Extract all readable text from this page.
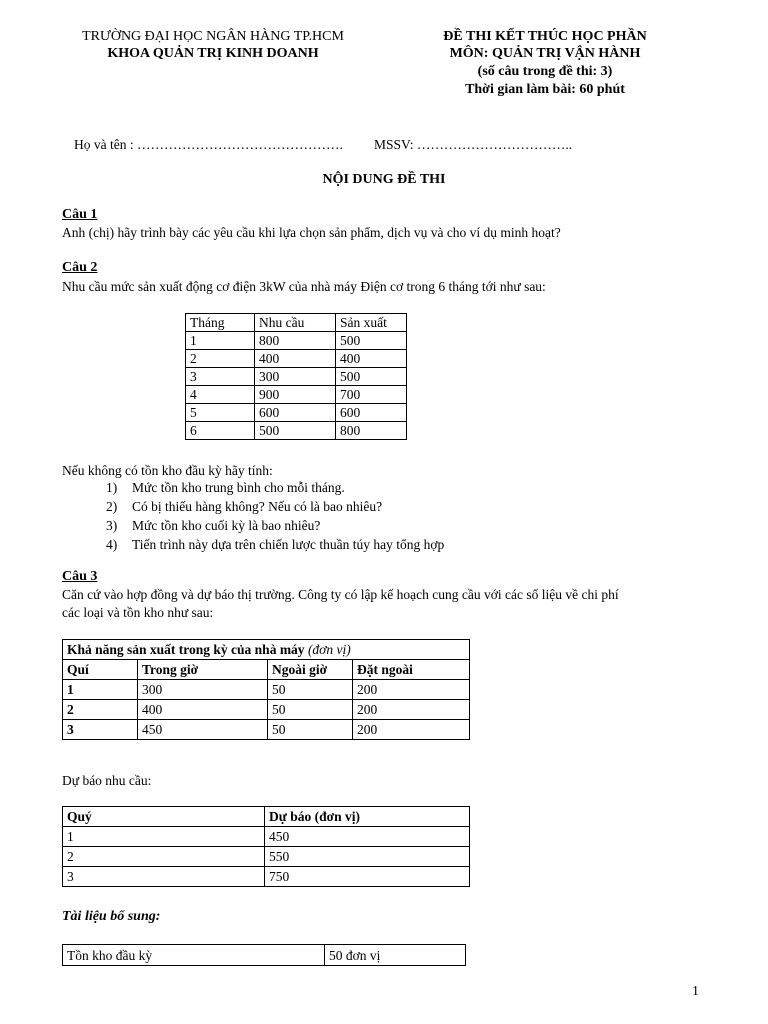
TRƯỜNG ĐẠI HỌC NGÂN HÀNG TP.HCM
KHOA QUẢN TRỊ KINH DOANH
ĐỀ THI KẾT THÚC HỌC PHẦN
MÔN: QUẢN TRỊ VẬN HÀNH
(số câu trong đề thi: 3)
Thời gian làm bài: 60 phút
Họ và tên : ………………………………………. MSSV: ……………………………..
NỘI DUNG ĐỀ THI
Câu 1
Anh (chị) hãy trình bày các yêu cầu khi lựa chọn sản phẩm, dịch vụ và cho ví dụ minh hoạt?
Câu 2
Nhu cầu mức sản xuất động cơ điện 3kW của nhà máy Điện cơ trong 6 tháng tới như sau:
Tháng	Nhu cầu	Sản xuất
1	800	500
2	400	400
3	300	500
4	900	700
5	600	600
6	500	800
Nếu không có tồn kho đầu kỳ hãy tính:
1)	Mức tồn kho trung bình cho mỗi tháng.
2)	Có bị thiếu hàng không? Nếu có là bao nhiêu?
3)	Mức tồn kho cuối kỳ là bao nhiêu?
4)	Tiến trình này dựa trên chiến lược thuần túy hay tổng hợp
Câu 3
Căn cứ vào hợp đồng và dự báo thị trường. Công ty có lập kế hoạch cung cầu với các số liệu về chi phí
các loại và tồn kho như sau:
Khả năng sản xuất trong kỳ của nhà máy (đơn vị)			
Quí	Trong giờ	Ngoài giờ	Đặt ngoài
1	300	50	200
2	400	50	200
3	450	50	200
Dự báo nhu cầu:
Quý	Dự báo (đơn vị)
1	450
2	550
3	750
Tài liệu bổ sung:
Tồn kho đầu kỳ	50 đơn vị
1
